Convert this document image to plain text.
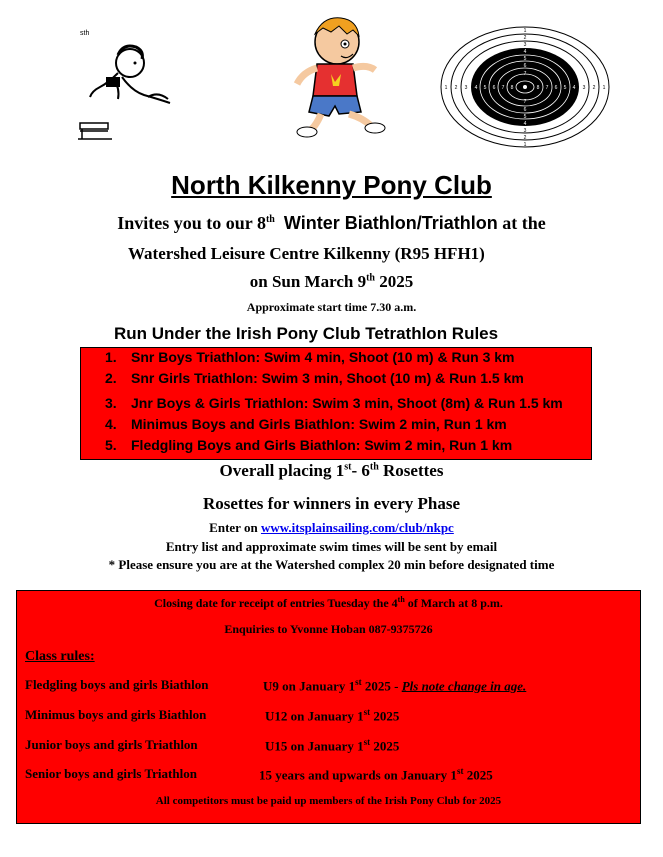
sth	1
2
3
4
5
6
7
1
2
3
4
5
6
7
1 2 3 4 5 6 7 8	1
2
3
4
5
6
7
8
North Kilkenny Pony Club
Invites you to our 8th Winter Biathlon/Triathlon at the
Watershed Leisure Centre Kilkenny (R95 HFH1)
on Sun March 9th 2025
Approximate start time 7.30 a.m.
Run Under the Irish Pony Club Tetrathlon Rules
1. Snr Boys Triathlon: Swim 4 min, Shoot (10 m) & Run 3 km
2. Snr Girls Triathlon: Swim 3 min, Shoot (10 m) & Run 1.5 km
3. Jnr Boys & Girls Triathlon: Swim 3 min, Shoot (8m) & Run 1.5 km
4. Minimus Boys and Girls Biathlon: Swim 2 min, Run 1 km
5. Fledgling Boys and Girls Biathlon: Swim 2 min, Run 1 km
Overall placing 1st- 6th Rosettes
Rosettes for winners in every Phase
Enter on www.itsplainsailing.com/club/nkpc
Entry list and approximate swim times will be sent by email
* Please ensure you are at the Watershed complex 20 min before designated time
Closing date for receipt of entries Tuesday the 4th of March at 8 p.m.
Enquiries to Yvonne Hoban 087-9375726
Class rules:
Fledgling boys and girls Biathlon	U9 on January 1st 2025 - Pls note change in age.
Minimus boys and girls Biathlon	U12 on January 1st 2025
Junior boys and girls Triathlon	U15 on January 1st 2025
Senior boys and girls Triathlon	15 years and upwards on January 1st 2025
All competitors must be paid up members of the Irish Pony Club for 2025
